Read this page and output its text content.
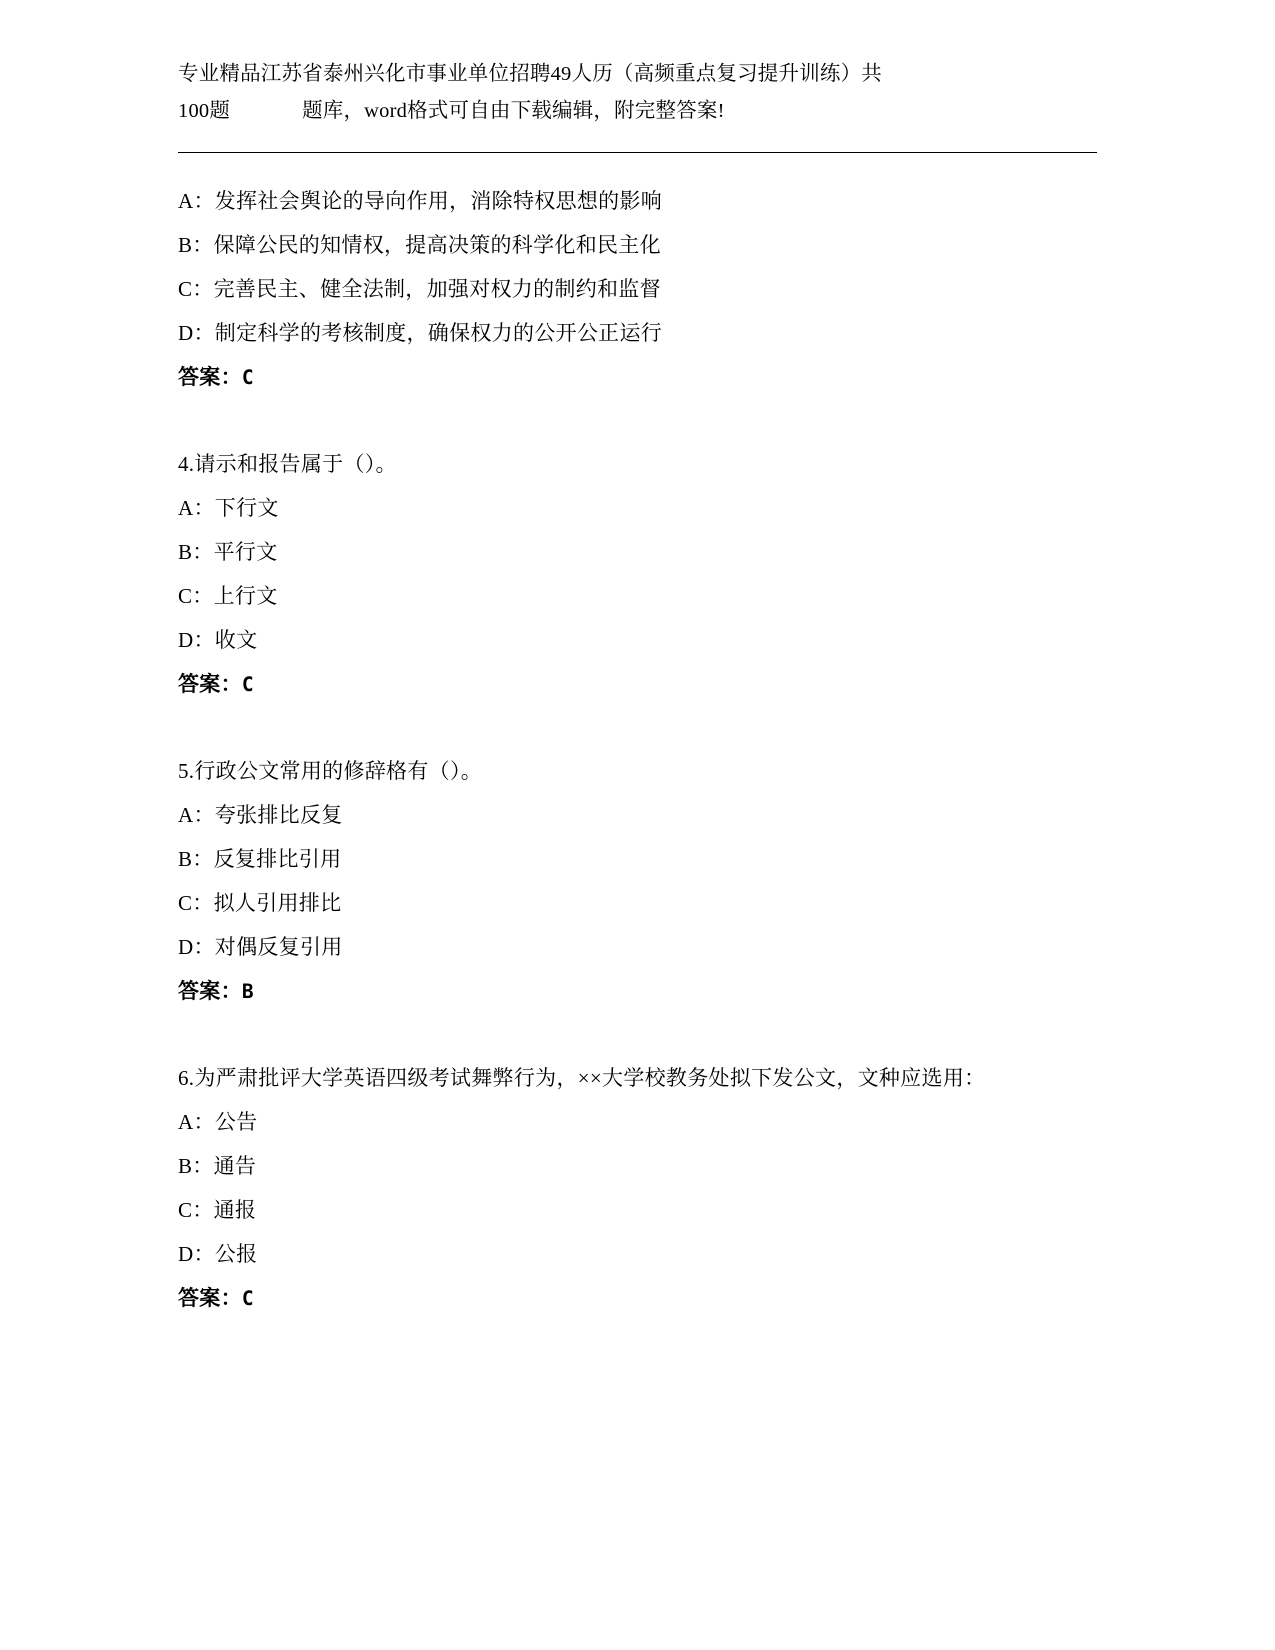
专业精品江苏省泰州兴化市事业单位招聘49人历（高频重点复习提升训练）共
100题	题库，word格式可自由下载编辑，附完整答案!
A：发挥社会舆论的导向作用，消除特权思想的影响
B：保障公民的知情权，提高决策的科学化和民主化
C：完善民主、健全法制，加强对权力的制约和监督
D：制定科学的考核制度，确保权力的公开公正运行
答案：C
4.请示和报告属于（）。
A：下行文
B：平行文
C：上行文
D：收文
答案：C
5.行政公文常用的修辞格有（）。
A：夸张排比反复
B：反复排比引用
C：拟人引用排比
D：对偶反复引用
答案：B
6.为严肃批评大学英语四级考试舞弊行为，××大学校教务处拟下发公文，文种应选用：
A：公告
B：通告
C：通报
D：公报
答案：C
